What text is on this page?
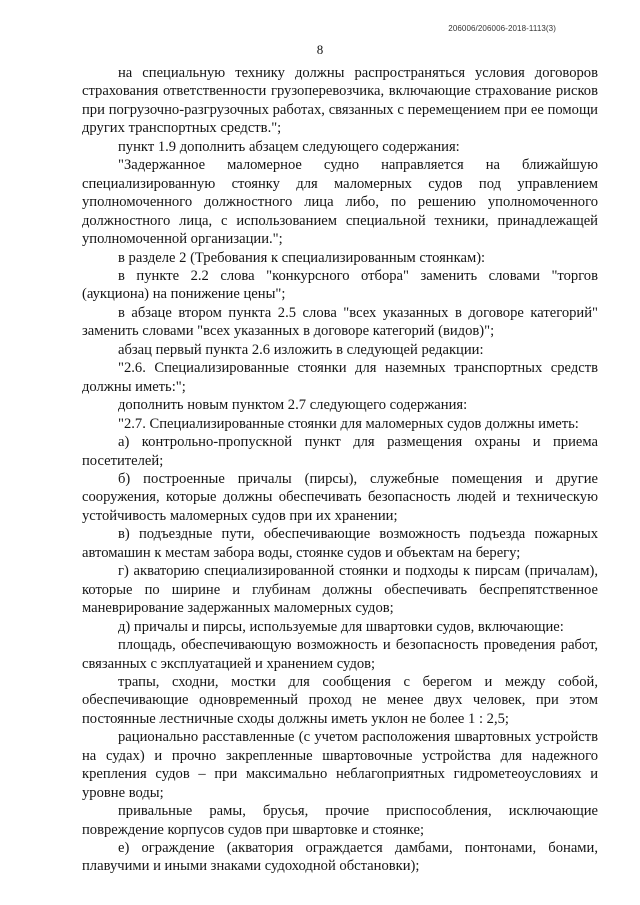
206006/206006-2018-1113(3)
8

на специальную технику должны распространяться условия договоров страхования ответственности грузоперевозчика, включающие страхование рисков при погрузочно-разгрузочных работах, связанных с перемещением при ее помощи других транспортных средств.";

пункт 1.9 дополнить абзацем следующего содержания:

"Задержанное маломерное судно направляется на ближайшую специализированную стоянку для маломерных судов под управлением уполномоченного должностного лица либо, по решению уполномоченного должностного лица, с использованием специальной техники, принадлежащей уполномоченной организации.";

в разделе 2 (Требования к специализированным стоянкам):

в пункте 2.2 слова "конкурсного отбора" заменить словами "торгов (аукциона) на понижение цены";

в абзаце втором пункта 2.5 слова "всех указанных в договоре категорий" заменить словами "всех указанных в договоре категорий (видов)";

абзац первый пункта 2.6 изложить в следующей редакции:

"2.6. Специализированные стоянки для наземных транспортных средств должны иметь:";

дополнить новым пунктом 2.7 следующего содержания:

"2.7. Специализированные стоянки для маломерных судов должны иметь:

а) контрольно-пропускной пункт для размещения охраны и приема посетителей;

б) построенные причалы (пирсы), служебные помещения и другие сооружения, которые должны обеспечивать безопасность людей и техническую устойчивость маломерных судов при их хранении;

в) подъездные пути, обеспечивающие возможность подъезда пожарных автомашин к местам забора воды, стоянке судов и объектам на берегу;

г) акваторию специализированной стоянки и подходы к пирсам (причалам), которые по ширине и глубинам должны обеспечивать беспрепятственное маневрирование задержанных маломерных судов;

д) причалы и пирсы, используемые для швартовки судов, включающие:

площадь, обеспечивающую возможность и безопасность проведения работ, связанных с эксплуатацией и хранением судов;

трапы, сходни, мостки для сообщения с берегом и между собой, обеспечивающие одновременный проход не менее двух человек, при этом постоянные лестничные сходы должны иметь уклон не более 1 : 2,5;

рационально расставленные (с учетом расположения швартовных устройств на судах) и прочно закрепленные швартовочные устройства для надежного крепления судов – при максимально неблагоприятных гидрометеоусловиях и уровне воды;

привальные рамы, брусья, прочие приспособления, исключающие повреждение корпусов судов при швартовке и стоянке;

е) ограждение (акватория ограждается дамбами, понтонами, бонами, плавучими и иными знаками судоходной обстановки);
